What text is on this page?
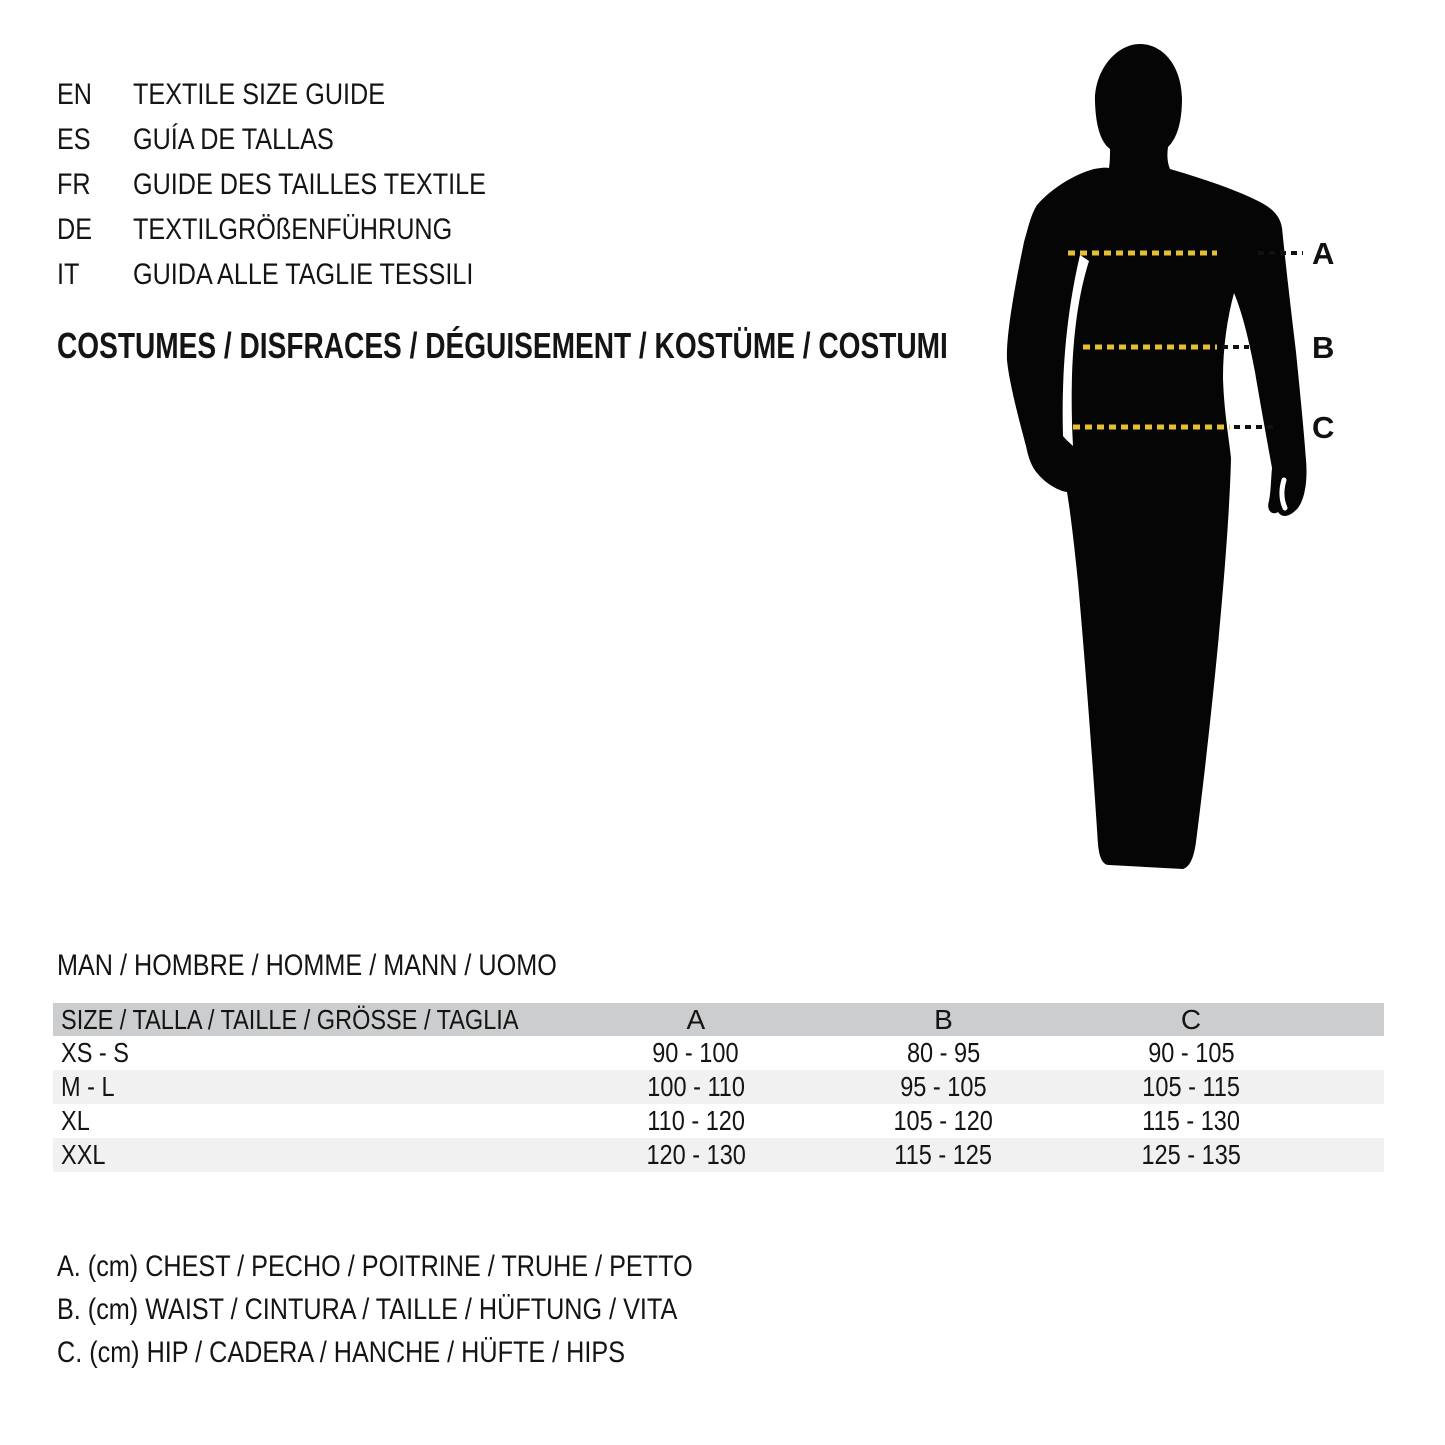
EN TEXTILE SIZE GUIDE
ES GUÍA DE TALLAS
FR GUIDE DES TAILLES TEXTILE
DE TEXTILGRÖßENFÜHRUNG
IT GUIDA ALLE TAGLIE TESSILI
COSTUMES / DISFRACES / DÉGUISEMENT / KOSTÜME / COSTUMI
A
B
C
MAN / HOMBRE / HOMME / MANN / UOMO
SIZE / TALLA / TAILLE / GRÖSSE / TAGLIA	A	B	C	
XS - S	90 - 100	80 - 95	90 - 105	
M - L	100 - 110	95 - 105	105 - 115	
XL	110 - 120	105 - 120	115 - 130	
XXL	120 - 130	115 - 125	125 - 135	

A. (cm) CHEST / PECHO / POITRINE / TRUHE / PETTO

B. (cm) WAIST / CINTURA / TAILLE / HÜFTUNG / VITA

C. (cm) HIP / CADERA / HANCHE / HÜFTE / HIPS
